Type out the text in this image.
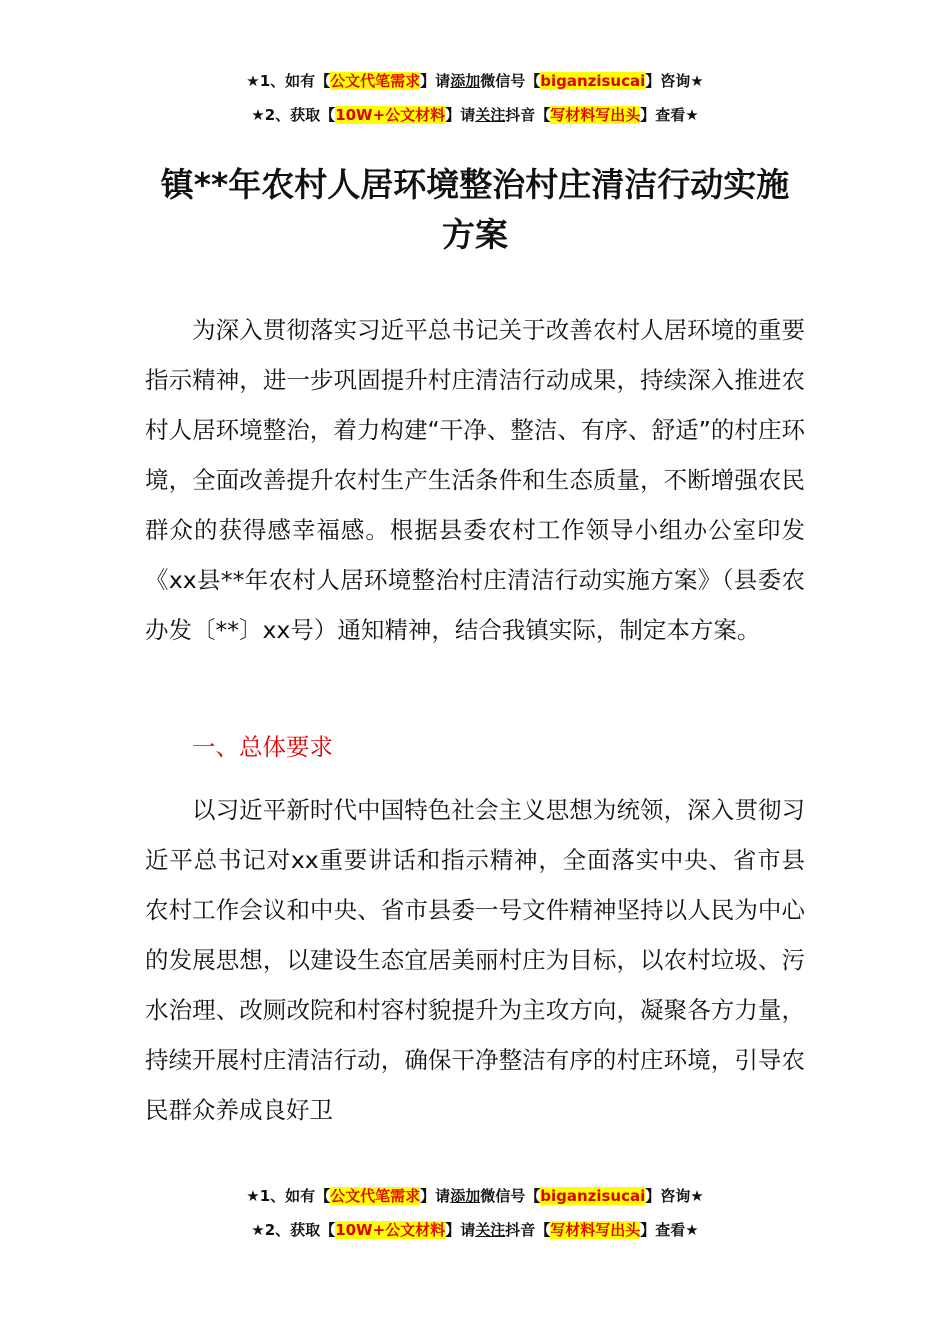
★1、如有【公文代笔需求】请添加微信号【biganzisucai】咨询★
★2、获取【10W+公文材料】请关注抖音【写材料写出头】查看★
镇**年农村人居环境整治村庄清洁行动实施方案

为深入贯彻落实习近平总书记关于改善农村人居环境的重要指示精神，进一步巩固提升村庄清洁行动成果，持续深入推进农村人居环境整治，着力构建“干净、整洁、有序、舒适”的村庄环境，全面改善提升农村生产生活条件和生态质量，不断增强农民群众的获得感幸福感。根据县委农村工作领导小组办公室印发《xx县**年农村人居环境整治村庄清洁行动实施方案》（县委农办发〔**〕xx号）通知精神，结合我镇实际，制定本方案。

一、总体要求

以习近平新时代中国特色社会主义思想为统领，深入贯彻习近平总书记对xx重要讲话和指示精神，全面落实中央、省市县农村工作会议和中央、省市县委一号文件精神坚持以人民为中心的发展思想，以建设生态宜居美丽村庄为目标，以农村垃圾、污水治理、改厕改院和村容村貌提升为主攻方向，凝聚各方力量，持续开展村庄清洁行动，确保干净整洁有序的村庄环境，引导农民群众养成良好卫

★1、如有【公文代笔需求】请添加微信号【biganzisucai】咨询★
★2、获取【10W+公文材料】请关注抖音【写材料写出头】查看★
